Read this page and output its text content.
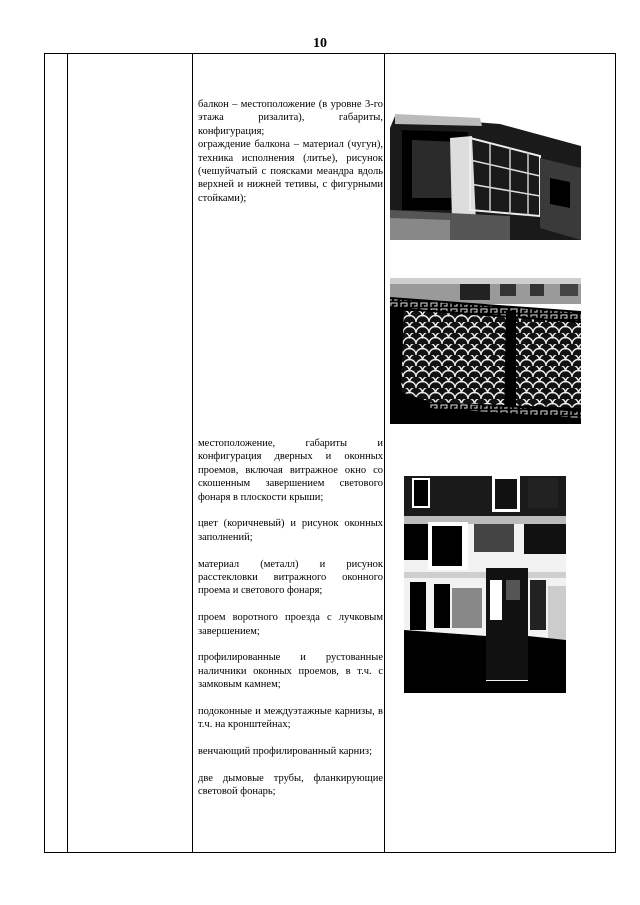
10

балкон – местоположение (в уровне 3-го этажа ризалита), габариты, конфигурация;

ограждение балкона – материал (чугун), техника исполнения (литье), рисунок (чешуйчатый с поясками меандра вдоль верхней и нижней тетивы, с фигурными стойками);

местоположение, габариты и конфигурация дверных и оконных проемов, включая витражное окно со скошенным завершением светового фонаря в плоскости крыши;

цвет (коричневый) и рисунок оконных заполнений;

материал (металл) и рисунок расстекловки витражного оконного проема и светового фонаря;

проем воротного проезда с лучковым завершением;

профилированные и рустованные наличники оконных проемов, в т.ч. с замковым камнем;

подоконные и междуэтажные карнизы, в т.ч. на кронштейнах;

венчающий профилированный карниз;

две дымовые трубы, фланкирующие световой фонарь;
